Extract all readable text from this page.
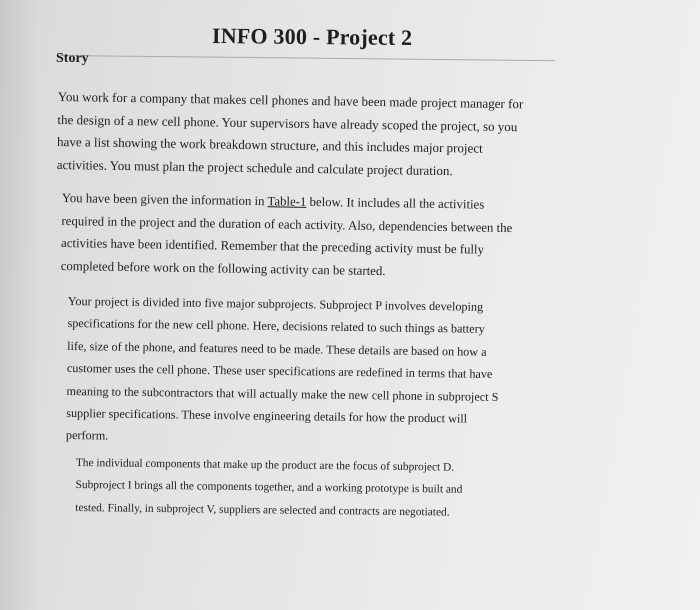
INFO 300 - Project 2
Story

You work for a company that makes cell phones and have been made project manager for
the design of a new cell phone. Your supervisors have already scoped the project, so you
have a list showing the work breakdown structure, and this includes major project
activities. You must plan the project schedule and calculate project duration.

You have been given the information in Table-1 below. It includes all the activities
required in the project and the duration of each activity. Also, dependencies between the
activities have been identified. Remember that the preceding activity must be fully
completed before work on the following activity can be started.

Your project is divided into five major subprojects. Subproject P involves developing
specifications for the new cell phone. Here, decisions related to such things as battery
life, size of the phone, and features need to be made. These details are based on how a
customer uses the cell phone. These user specifications are redefined in terms that have
meaning to the subcontractors that will actually make the new cell phone in subproject S
supplier specifications. These involve engineering details for how the product will
perform.

The individual components that make up the product are the focus of subproject D.
Subproject I brings all the components together, and a working prototype is built and
tested. Finally, in subproject V, suppliers are selected and contracts are negotiated.
